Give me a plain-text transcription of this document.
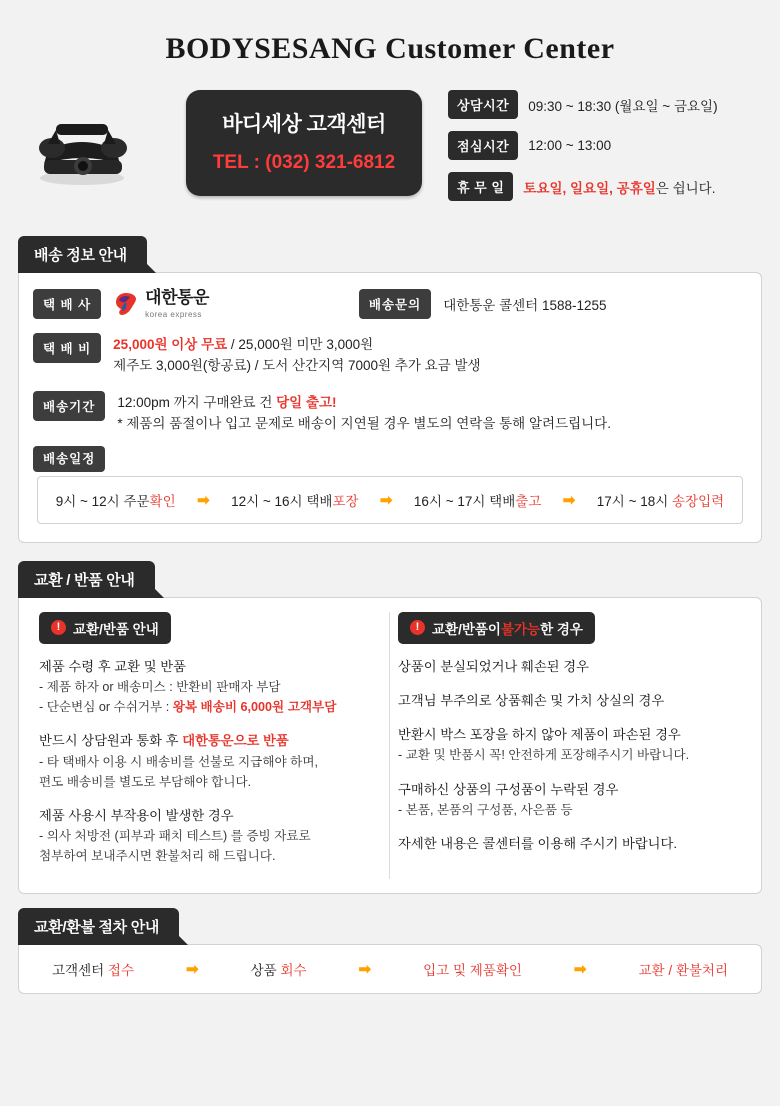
BODYSESANG Customer Center
바디세상 고객센터
TEL : (032) 321-6812
상담시간	09:30 ~ 18:30 (월요일 ~ 금요일)
점심시간	12:00 ~ 13:00
휴 무 일	토요일, 일요일, 공휴일은 쉽니다.
배송 정보 안내
택 배 사	대한통운
korea express
배송문의	대한통운 콜센터 1588-1255
택 배 비	25,000원 이상 무료 / 25,000원 미만 3,000원
제주도 3,000원(항공료) / 도서 산간지역 7000원 추가 요금 발생
배송기간	12:00pm 까지 구매완료 건 당일 출고!
* 제품의 품절이나 입고 문제로 배송이 지연될 경우 별도의 연락을 통해 알려드립니다.
배송일정
9시 ~ 12시 주문확인 ➡ 12시 ~ 16시 택배포장 ➡ 16시 ~ 17시 택배출고 ➡ 17시 ~ 18시 송장입력
교환 / 반품 안내
! 교환/반품 안내
제품 수령 후 교환 및 반품
- 제품 하자 or 배송미스 : 반환비 판매자 부담
- 단순변심 or 수쉬거부 : 왕복 배송비 6,000원 고객부담
반드시 상담원과 통화 후 대한통운으로 반품
- 타 택배사 이용 시 배송비를 선불로 지급해야 하며,
편도 배송비를 별도로 부담해야 합니다.
제품 사용시 부작용이 발생한 경우
- 의사 처방전 (피부과 패치 테스트) 를 증빙 자료로
첨부하여 보내주시면 환불처리 해 드립니다.
! 교환/반품이 불가능 한 경우
상품이 분실되었거나 훼손된 경우
고객님 부주의로 상품훼손 및 가치 상실의 경우
반환시 박스 포장을 하지 않아 제품이 파손된 경우
- 교환 및 반품시 꼭! 안전하게 포장해주시기 바랍니다.
구매하신 상품의 구성품이 누락된 경우
- 본품, 본품의 구성품, 사은품 등
자세한 내용은 콜센터를 이용해 주시기 바랍니다.
교환/환불 절차 안내
고객센터 접수	➡	상품 회수	➡	입고 및 제품확인	➡	교환 / 환불처리
